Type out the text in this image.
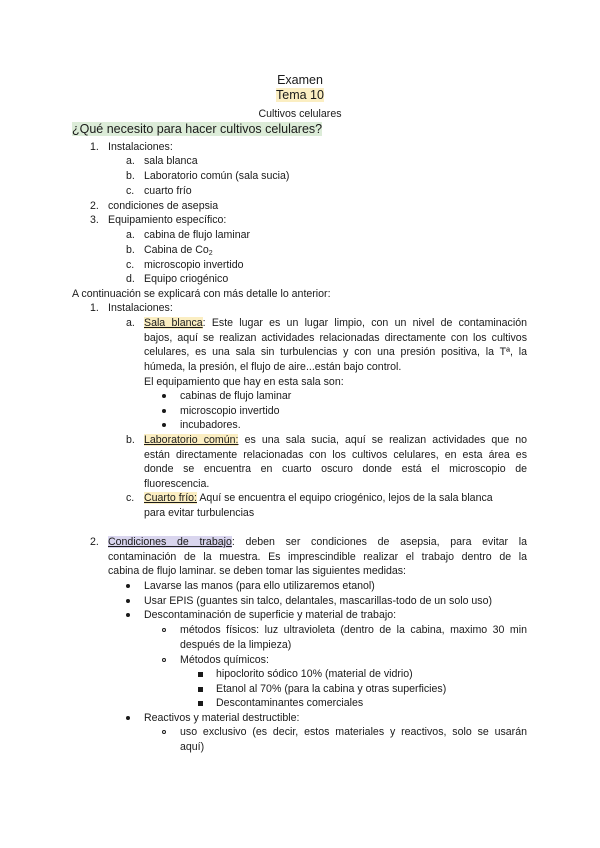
Examen
Tema 10
Cultivos celulares
¿Qué necesito para hacer cultivos celulares?
1. Instalaciones:
a. sala blanca
b. Laboratorio común (sala sucia)
c. cuarto frío
2. condiciones de asepsia
3. Equipamiento específico:
a. cabina de flujo laminar
b. Cabina de $Co_2$
c. microscopio invertido
d. Equipo criogénico
A continuación se explicará con más detalle lo anterior:
1. Instalaciones:
a. Sala blanca: Este lugar es un lugar limpio, con un nivel de contaminación
bajos, aquí se realizan actividades relacionadas directamente con los cultivos
celulares, es una sala sin turbulencias y con una presión positiva, la Tª, la
húmeda, la presión, el flujo de aire...están bajo control.
El equipamiento que hay en esta sala son:
cabinas de flujo laminar
microscopio invertido
incubadores.
b. Laboratorio común: es una sala sucia, aquí se realizan actividades que no
están directamente relacionadas con los cultivos celulares, en esta área es
donde se encuentra en cuarto oscuro donde está el microscopio de
fluorescencia.
c. Cuarto frío: Aquí se encuentra el equipo criogénico, lejos de la sala blanca
para evitar turbulencias
2. Condiciones de trabajo: deben ser condiciones de asepsia, para evitar la
contaminación de la muestra. Es imprescindible realizar el trabajo dentro de la
cabina de flujo laminar. se deben tomar las siguientes medidas:
Lavarse las manos (para ello utilizaremos etanol)
Usar EPIS (guantes sin talco, delantales, mascarillas-todo de un solo uso)
Descontaminación de superficie y material de trabajo:
métodos físicos: luz ultravioleta (dentro de la cabina, maximo 30 min
después de la limpieza)
Métodos químicos:
hipoclorito sódico 10% (material de vidrio)
Etanol al 70% (para la cabina y otras superficies)
Descontaminantes comerciales
Reactivos y material destructible:
uso exclusivo (es decir, estos materiales y reactivos, solo se usarán
aquí)
